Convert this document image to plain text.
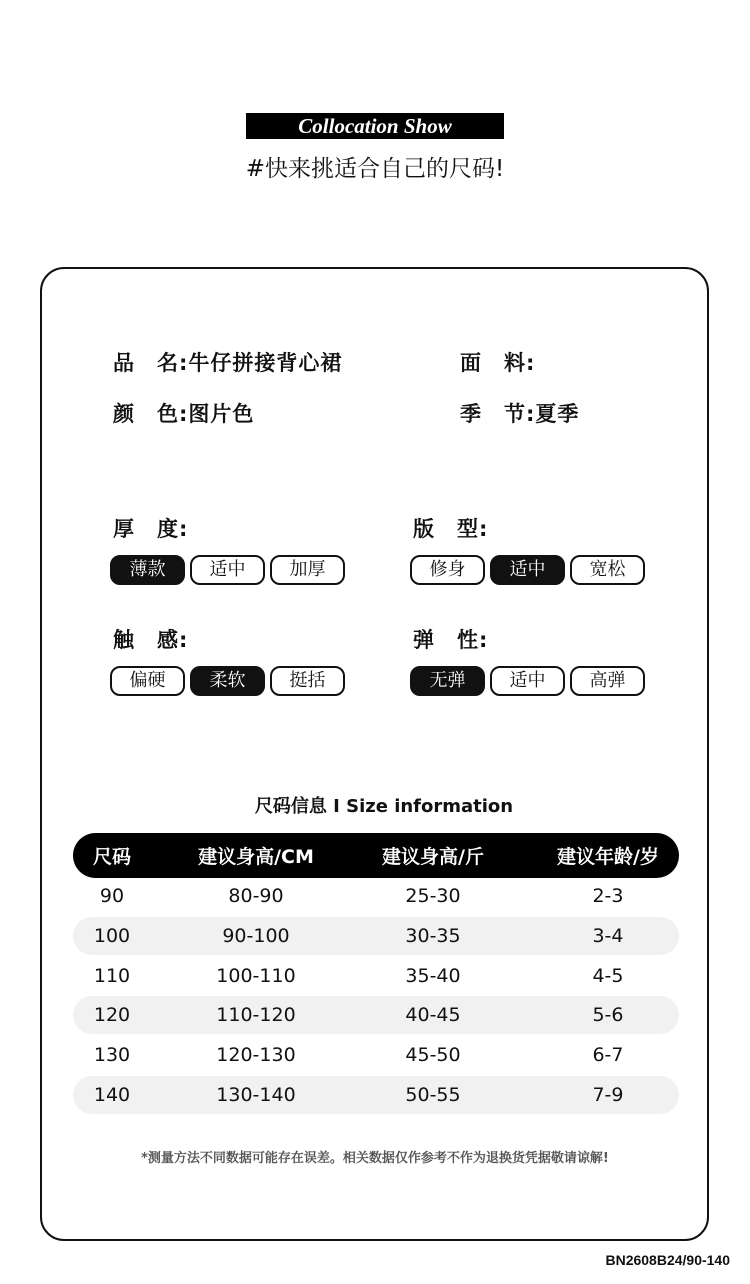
Collocation Show
#快来挑适合自己的尺码!
品　名:牛仔拼接背心裙	面　料:
颜　色:图片色	季　节:夏季
厚　度:
薄款	适中	加厚
版　型:
修身	适中	宽松
触　感:
偏硬	柔软	挺括
弹　性:
无弹	适中	高弹
尺码信息 I Size information
尺码	建议身高/CM	建议身高/斤	建议年龄/岁
90	80-90	25-30	2-3
100	90-100	30-35	3-4
110	100-110	35-40	4-5
120	110-120	40-45	5-6
130	120-130	45-50	6-7
140	130-140	50-55	7-9
*测量方法不同数据可能存在误差。相关数据仅作参考不作为退换货凭据敬请谅解!
BN2608B24/90-140
